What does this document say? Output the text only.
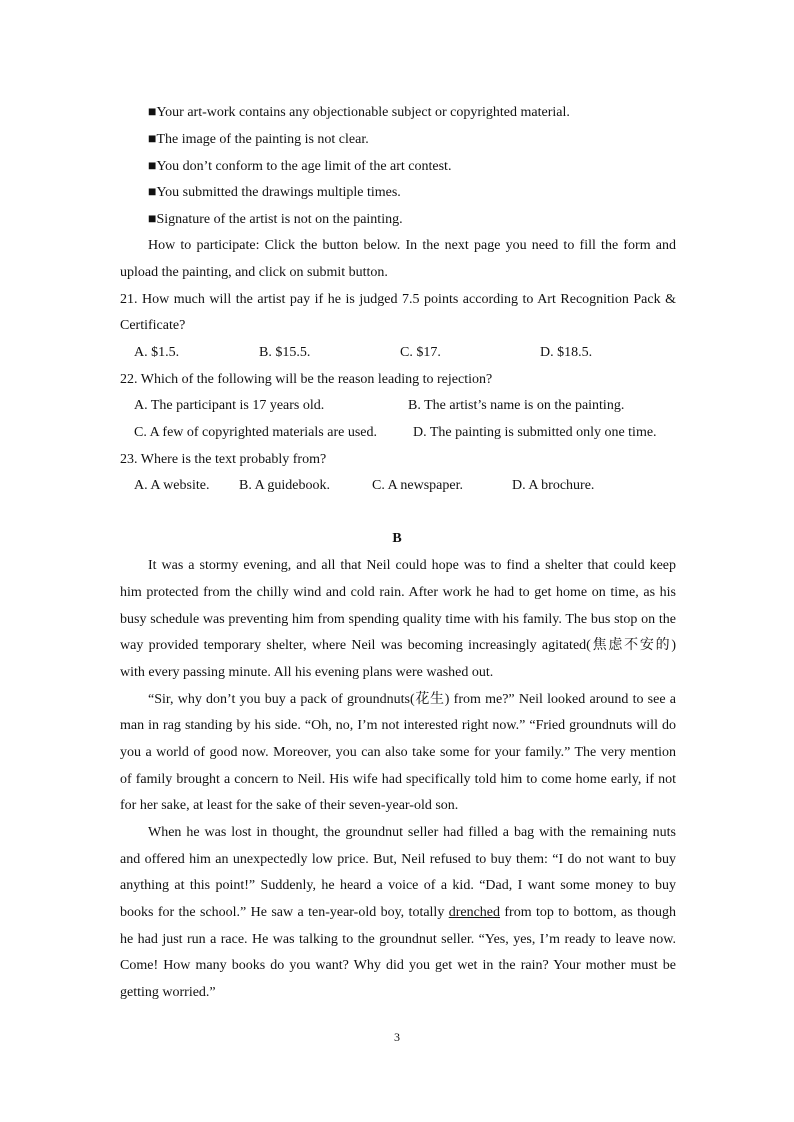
■Your art-work contains any objectionable subject or copyrighted material.
■The image of the painting is not clear.
■You don’t conform to the age limit of the art contest.
■You submitted the drawings multiple times.
■Signature of the artist is not on the painting.
How to participate: Click the button below. In the next page you need to fill the form and
upload the painting, and click on submit button.
21. How much will the artist pay if he is judged 7.5 points according to Art Recognition Pack &
Certificate?
A. $1.5.	B. $15.5.	C. $17.	D. $18.5.
22. Which of the following will be the reason leading to rejection?
A. The participant is 17 years old.	B. The artist’s name is on the painting.
C. A few of copyrighted materials are used.	D. The painting is submitted only one time.
23. Where is the text probably from?
A. A website. B. A guidebook.	C. A newspaper.	D. A brochure.
B
It was a stormy evening, and all that Neil could hope was to find a shelter that could keep
him protected from the chilly wind and cold rain. After work he had to get home on time, as his
busy schedule was preventing him from spending quality time with his family. The bus stop on the
way provided temporary shelter, where Neil was becoming increasingly agitated(焦虑不安的)
with every passing minute. All his evening plans were washed out.
“Sir, why don’t you buy a pack of groundnuts(花生) from me?” Neil looked around to see a
man in rag standing by his side. “Oh, no, I’m not interested right now.” “Fried groundnuts will do
you a world of good now. Moreover, you can also take some for your family.” The very mention
of family brought a concern to Neil. His wife had specifically told him to come home early, if not
for her sake, at least for the sake of their seven-year-old son.
When he was lost in thought, the groundnut seller had filled a bag with the remaining nuts
and offered him an unexpectedly low price. But, Neil refused to buy them: “I do not want to buy
anything at this point!” Suddenly, he heard a voice of a kid. “Dad, I want some money to buy
books for the school.” He saw a ten-year-old boy, totally drenched from top to bottom, as though
he had just run a race. He was talking to the groundnut seller. “Yes, yes, I’m ready to leave now.
Come! How many books do you want? Why did you get wet in the rain? Your mother must be
getting worried.”
3
